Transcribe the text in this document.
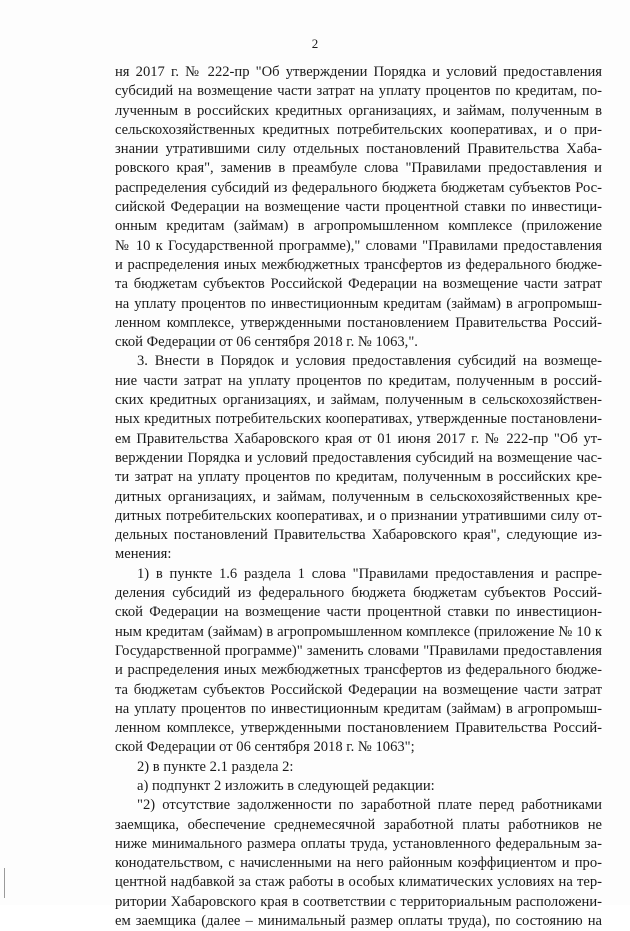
2
ня 2017 г. № 222-пр "Об утверждении Порядка и условий предоставления
субсидий на возмещение части затрат на уплату процентов по кредитам, по-
лученным в российских кредитных организациях, и займам, полученным в
сельскохозяйственных кредитных потребительских кооперативах, и о при-
знании утратившими силу отдельных постановлений Правительства Хаба-
ровского края", заменив в преамбуле слова "Правилами предоставления и
распределения субсидий из федерального бюджета бюджетам субъектов Рос-
сийской Федерации на возмещение части процентной ставки по инвестици-
онным кредитам (займам) в агропромышленном комплексе (приложение
№ 10 к Государственной программе)," словами "Правилами предоставления
и распределения иных межбюджетных трансфертов из федерального бюдже-
та бюджетам субъектов Российской Федерации на возмещение части затрат
на уплату процентов по инвестиционным кредитам (займам) в агропромыш-
ленном комплексе, утвержденными постановлением Правительства Россий-
ской Федерации от 06 сентября 2018 г. № 1063,".
3. Внести в Порядок и условия предоставления субсидий на возмеще-
ние части затрат на уплату процентов по кредитам, полученным в россий-
ских кредитных организациях, и займам, полученным в сельскохозяйствен-
ных кредитных потребительских кооперативах, утвержденные постановлени-
ем Правительства Хабаровского края от 01 июня 2017 г. № 222-пр "Об ут-
верждении Порядка и условий предоставления субсидий на возмещение час-
ти затрат на уплату процентов по кредитам, полученным в российских кре-
дитных организациях, и займам, полученным в сельскохозяйственных кре-
дитных потребительских кооперативах, и о признании утратившими силу от-
дельных постановлений Правительства Хабаровского края", следующие из-
менения:
1) в пункте 1.6 раздела 1 слова "Правилами предоставления и распре-
деления субсидий из федерального бюджета бюджетам субъектов Россий-
ской Федерации на возмещение части процентной ставки по инвестицион-
ным кредитам (займам) в агропромышленном комплексе (приложение № 10 к
Государственной программе)" заменить словами "Правилами предоставления
и распределения иных межбюджетных трансфертов из федерального бюдже-
та бюджетам субъектов Российской Федерации на возмещение части затрат
на уплату процентов по инвестиционным кредитам (займам) в агропромыш-
ленном комплексе, утвержденными постановлением Правительства Россий-
ской Федерации от 06 сентября 2018 г. № 1063";
2) в пункте 2.1 раздела 2:
а) подпункт 2 изложить в следующей редакции:
"2) отсутствие задолженности по заработной плате перед работниками
заемщика, обеспечение среднемесячной заработной платы работников не
ниже минимального размера оплаты труда, установленного федеральным за-
конодательством, с начисленными на него районным коэффициентом и про-
центной надбавкой за стаж работы в особых климатических условиях на тер-
ритории Хабаровского края в соответствии с территориальным расположени-
ем заемщика (далее – минимальный размер оплаты труда), по состоянию на
